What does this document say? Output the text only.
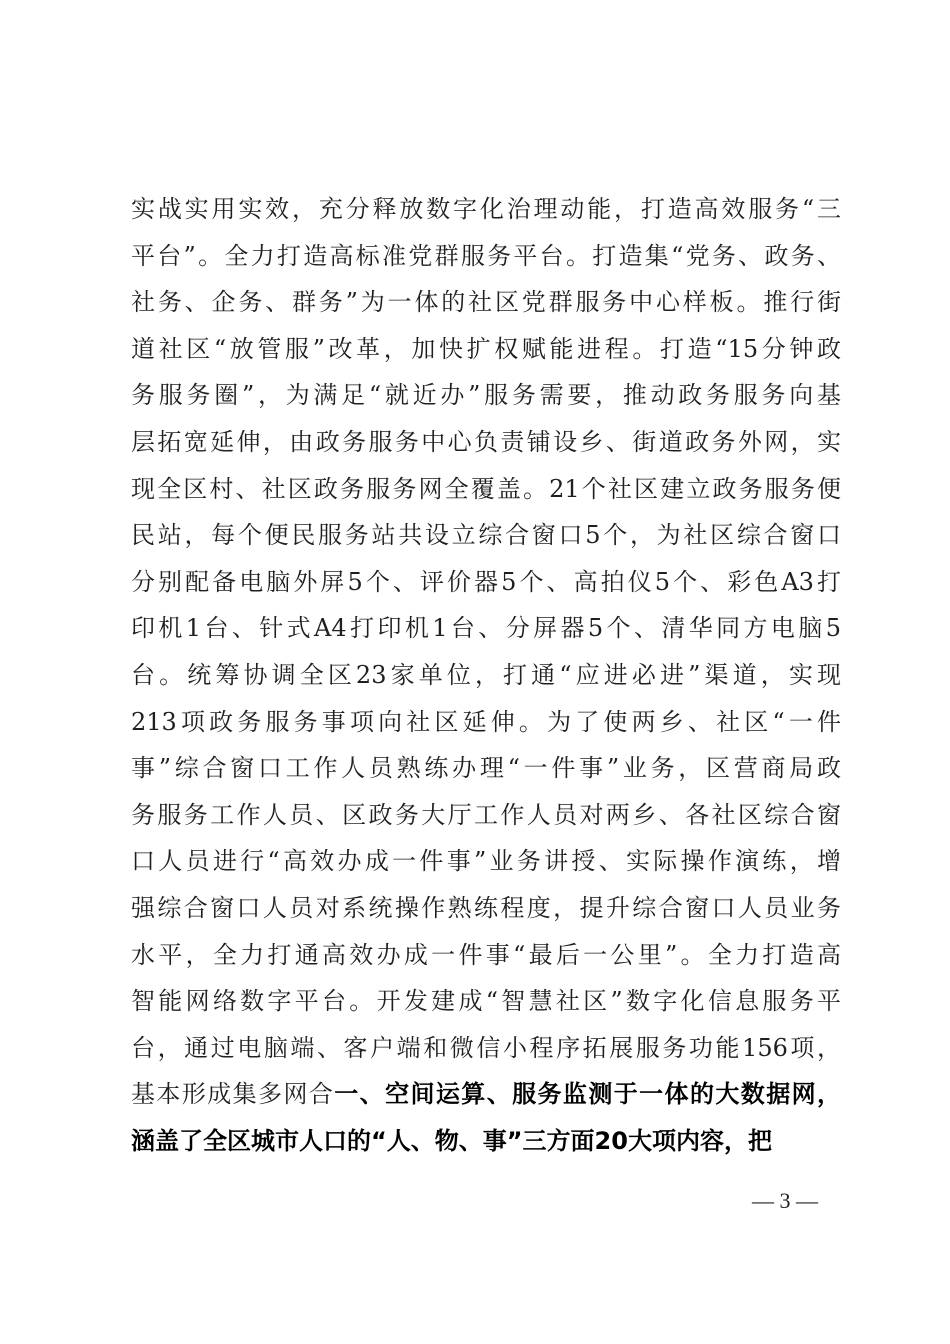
实战实用实效，充分释放数字化治理动能，打造高效服务“三
平台”。全力打造高标准党群服务平台。打造集“党务、政务、
社务、企务、群务”为一体的社区党群服务中心样板。推行街
道社区“放管服”改革，加快扩权赋能进程。打造“15分钟政
务服务圈”，为满足“就近办”服务需要，推动政务服务向基
层拓宽延伸，由政务服务中心负责铺设乡、街道政务外网，实
现全区村、社区政务服务网全覆盖。21个社区建立政务服务便
民站，每个便民服务站共设立综合窗口5个，为社区综合窗口
分别配备电脑外屏5个、评价器5个、高拍仪5个、彩色A3打
印机1台、针式A4打印机1台、分屏器5个、清华同方电脑5
台。统筹协调全区23家单位，打通“应进必进”渠道，实现
213项政务服务事项向社区延伸。为了使两乡、社区“一件
事”综合窗口工作人员熟练办理“一件事”业务，区营商局政
务服务工作人员、区政务大厅工作人员对两乡、各社区综合窗
口人员进行“高效办成一件事”业务讲授、实际操作演练，增
强综合窗口人员对系统操作熟练程度，提升综合窗口人员业务
水平，全力打通高效办成一件事“最后一公里”。全力打造高
智能网络数字平台。开发建成“智慧社区”数字化信息服务平
台，通过电脑端、客户端和微信小程序拓展服务功能156项，
基本形成集多网合一、空间运算、服务监测于一体的大数据网，
涵盖了全区城市人口的“人、物、事”三方面20大项内容，把
— 3 —
